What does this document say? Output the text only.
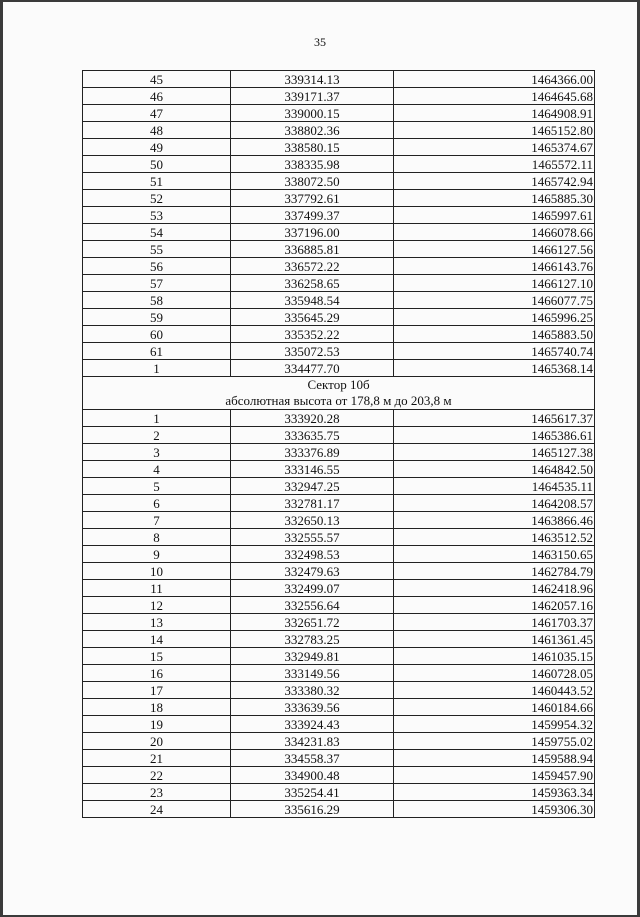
35
45	339314.13	1464366.00
46	339171.37	1464645.68
47	339000.15	1464908.91
48	338802.36	1465152.80
49	338580.15	1465374.67
50	338335.98	1465572.11
51	338072.50	1465742.94
52	337792.61	1465885.30
53	337499.37	1465997.61
54	337196.00	1466078.66
55	336885.81	1466127.56
56	336572.22	1466143.76
57	336258.65	1466127.10
58	335948.54	1466077.75
59	335645.29	1465996.25
60	335352.22	1465883.50
61	335072.53	1465740.74
1	334477.70	1465368.14

Сектор 10б
абсолютная высота от 178,8 м до 203,8 м		

1	333920.28	1465617.37
2	333635.75	1465386.61
3	333376.89	1465127.38
4	333146.55	1464842.50
5	332947.25	1464535.11
6	332781.17	1464208.57
7	332650.13	1463866.46
8	332555.57	1463512.52
9	332498.53	1463150.65
10	332479.63	1462784.79
11	332499.07	1462418.96
12	332556.64	1462057.16
13	332651.72	1461703.37
14	332783.25	1461361.45
15	332949.81	1461035.15
16	333149.56	1460728.05
17	333380.32	1460443.52
18	333639.56	1460184.66
19	333924.43	1459954.32
20	334231.83	1459755.02
21	334558.37	1459588.94
22	334900.48	1459457.90
23	335254.41	1459363.34
24	335616.29	1459306.30
